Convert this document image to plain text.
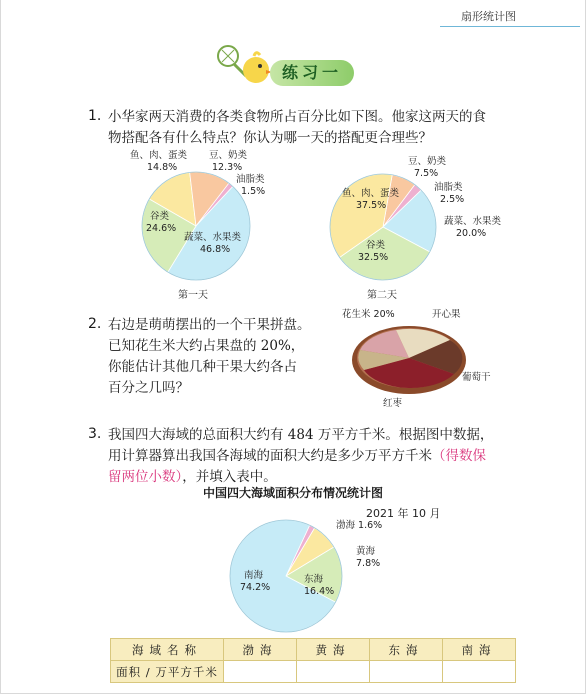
扇形统计图
练习一
1. 小华家两天消费的各类食物所占百分比如下图。他家这两天的食
物搭配各有什么特点？你认为哪一天的搭配更合理些？
鱼、肉、蛋类
14.8%
豆、奶类
12.3%
油脂类
1.5%
谷类
24.6%
蔬菜、水果类
46.8%
第一天
豆、奶类
7.5%
油脂类
2.5%
鱼、肉、蛋类
37.5%
蔬菜、水果类
20.0%
谷类
32.5%
第二天
2. 右边是萌萌摆出的一个干果拼盘。
已知花生米大约占果盘的 20%，
你能估计其他几种干果大约各占
百分之几吗？
花生米 20%	开心果
葡萄干
红枣
3. 我国四大海域的总面积大约有 484 万平方千米。根据图中数据，
用计算器算出我国各海域的面积大约是多少万平方千米（得数保
留两位小数），并填入表中。
中国四大海域面积分布情况统计图
2021 年 10 月
渤海 1.6%
黄海
7.8%
东海
16.4%
南海
74.2%
海域名称	渤海	黄海	东海	南海
面积 / 万平方千米				
